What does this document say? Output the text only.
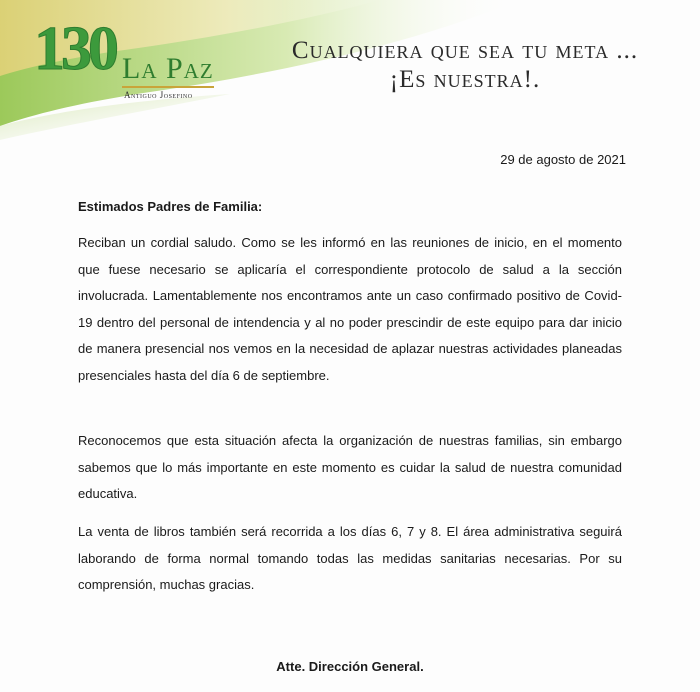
130 La Paz
Antiguo Josefino
Cualquiera que sea tu meta ...
¡Es nuestra!.
29 de agosto de 2021
Estimados Padres de Familia:

Reciban un cordial saludo. Como se les informó en las reuniones de inicio, en el momento que fuese necesario se aplicaría el correspondiente protocolo de salud a la sección involucrada. Lamentablemente nos encontramos ante un caso confirmado positivo de Covid-19 dentro del personal de intendencia y al no poder prescindir de este equipo para dar inicio de manera presencial nos vemos en la necesidad de aplazar nuestras actividades planeadas presenciales hasta del día 6 de septiembre.

Reconocemos que esta situación afecta la organización de nuestras familias, sin embargo sabemos que lo más importante en este momento es cuidar la salud de nuestra comunidad educativa.

La venta de libros también será recorrida a los días 6, 7 y 8. El área administrativa seguirá laborando de forma normal tomando todas las medidas sanitarias necesarias. Por su comprensión, muchas gracias.

Atte. Dirección General.
